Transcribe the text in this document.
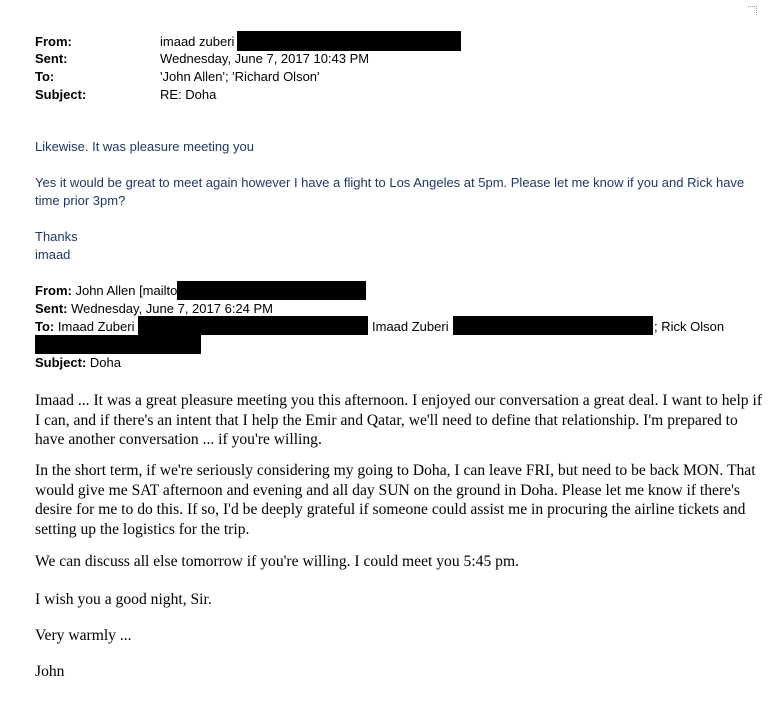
From:	imaad zuberi
Sent:	Wednesday, June 7, 2017 10:43 PM
To:	'John Allen'; 'Richard Olson'
Subject:	RE: Doha
Likewise. It was pleasure meeting you
Yes it would be great to meet again however I have a flight to Los Angeles at 5pm. Please let me know if you and Rick have time prior 3pm?
Thanks
imaad
From: John Allen [mailto
Sent: Wednesday, June 7, 2017 6:24 PM
To: Imaad Zuberi	Imaad Zuberi	; Rick Olson
Subject: Doha

Imaad ... It was a great pleasure meeting you this afternoon. I enjoyed our conversation a great deal. I want to help if I can, and if there's an intent that I help the Emir and Qatar, we'll need to define that relationship. I'm prepared to have another conversation ... if you're willing.

In the short term, if we're seriously considering my going to Doha, I can leave FRI, but need to be back MON. That would give me SAT afternoon and evening and all day SUN on the ground in Doha. Please let me know if there's desire for me to do this. If so, I'd be deeply grateful if someone could assist me in procuring the airline tickets and setting up the logistics for the trip.

We can discuss all else tomorrow if you're willing. I could meet you 5:45 pm.

I wish you a good night, Sir.

Very warmly ...

John
